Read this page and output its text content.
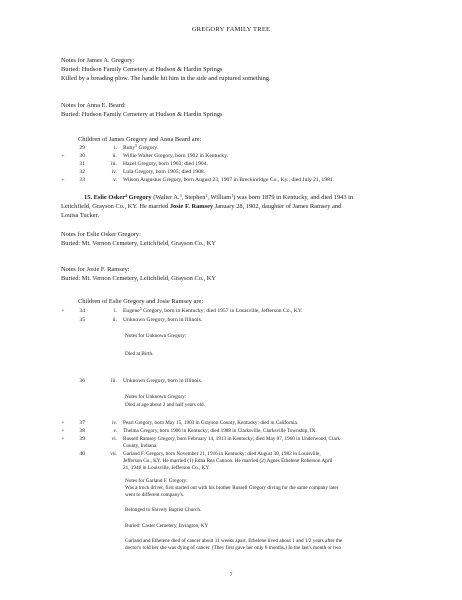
GREGORY FAMILY TREE
Notes for James A. Gregory:
Buried: Hudson Family Cemetery at Hudson & Hardin Springs
Killed by a breading plow. The handle hit him in the side and ruptured something.
Notes for Anna E. Beard:
Buried: Hudson Family Cemetery at Hudson & Hardin Springs
Children of James Gregory and Anna Beard are:
29	i. Ruby$^5$ Gregory.
+	30	ii. Willie Walter Gregory, born 1902 in Kentucky.
31	iii. Hazel Gregory, born 1903; died 1904.
32	iv. Lula Gregory, born 1905; died 1908.
+	33	v. Wilson Augustus Gregory, born August 23, 1907 in Breckinridge Co., Ky.; died July 21, 1981.
15. Eslie Osker$^4$ Gregory (Walter A.$^3$, Stephen$^2$, William$^1$) was born 1879 in Kentucky, and died 1943 in
Leitchfield, Grayson Co., KY. He married Josie F. Ramsey January 28, 1902, daughter of James Ramsey and
Louisa Tucker.
Notes for Eslie Osker Gregory:
Buried: Mt. Vernon Cemetery, Leitchfield, Grayson Co., KY
Notes for Josie F. Ramsey:
Buried: Mt. Vernon Cemetery, Leitchfield, Grayson Co., KY
Children of Eslie Gregory and Josie Ramsey are:
+	34	i. Eugene$^5$ Gregory, born in Kentucky; died 1957 in Louisville, Jefferson Co., KY.
35	ii. Unknown Gregory, born in Illinois.
Notes for Unknown Gregory:
Died at Birth.
36	iii. Unknown Gregory, born in Illinois.
Notes for Unknown Gregory:
Died at age about 2 and half years old.
+	37	iv. Pearl Gregory, born May 15, 1903 in Grayson County, Kentucky; died in California.
+	38	v. Thelma Gregory, born 1906 in Kentucky; died 1988 in Clarksville, Clarksville Township, IN.
+	39	vi. Russell Ramsey Gregory, born February 14, 1913 in Kentucky; died May 07, 1960 in Underwood, Clark
County, Indiana.
40	vii. Garland F. Gregory, born November 21, 1916 in Kentucky; died August 30, 1982 in Louisville,
Jefferson Co., KY. He married (1) Edna Rea Cannon. He married (2) Agnes Ethelene Roberson April
21, 1946 in Louisville, Jefferson Co., KY.
Notes for Garland F. Gregory:
Was a truck driver, first started out with his brother Russell Gregory diving for the same company later
went to different company's.
Belonged to Shively Baptist Church.
Buried: Caster Cemetery, Irvington, KY
Garland and Ethelene died of cancer about 11 weeks apart. Ethelene lived about 1 and 1/2 years after the
doctor's told her she was dying of cancer. (They first gave her only 6 months.) In the last's month or two
7
